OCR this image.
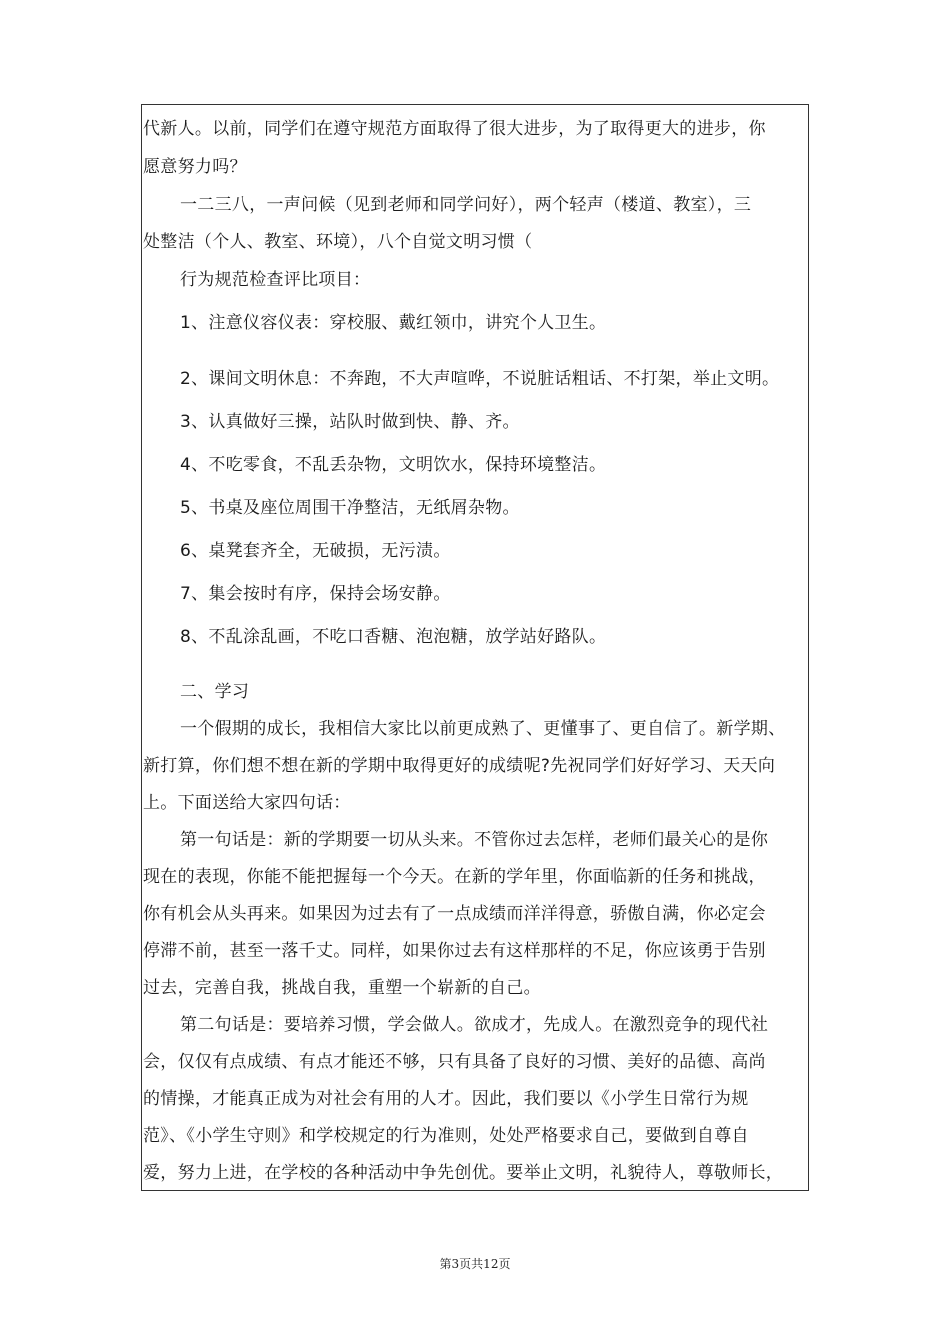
代新人。以前，同学们在遵守规范方面取得了很大进步，为了取得更大的进步，你
愿意努力吗？
一二三八，一声问候（见到老师和同学问好），两个轻声（楼道、教室），三
处整洁（个人、教室、环境），八个自觉文明习惯（
行为规范检查评比项目：
1、注意仪容仪表：穿校服、戴红领巾，讲究个人卫生。
2、课间文明休息：不奔跑，不大声喧哗，不说脏话粗话、不打架，举止文明。
3、认真做好三操，站队时做到快、静、齐。
4、不吃零食，不乱丢杂物，文明饮水，保持环境整洁。
5、书桌及座位周围干净整洁，无纸屑杂物。
6、桌凳套齐全，无破损，无污渍。
7、集会按时有序，保持会场安静。
8、不乱涂乱画，不吃口香糖、泡泡糖，放学站好路队。
二、学习
一个假期的成长，我相信大家比以前更成熟了、更懂事了、更自信了。新学期、
新打算，你们想不想在新的学期中取得更好的成绩呢?先祝同学们好好学习、天天向
上。下面送给大家四句话：
第一句话是：新的学期要一切从头来。不管你过去怎样，老师们最关心的是你
现在的表现，你能不能把握每一个今天。在新的学年里，你面临新的任务和挑战，
你有机会从头再来。如果因为过去有了一点成绩而洋洋得意，骄傲自满，你必定会
停滞不前，甚至一落千丈。同样，如果你过去有这样那样的不足，你应该勇于告别
过去，完善自我，挑战自我，重塑一个崭新的自己。
第二句话是：要培养习惯，学会做人。欲成才，先成人。在激烈竞争的现代社
会，仅仅有点成绩、有点才能还不够，只有具备了良好的习惯、美好的品德、高尚
的情操，才能真正成为对社会有用的人才。因此，我们要以《小学生日常行为规
范》、《小学生守则》和学校规定的行为准则，处处严格要求自己，要做到自尊自
爱，努力上进，在学校的各种活动中争先创优。要举止文明，礼貌待人，尊敬师长，
第3页共12页
